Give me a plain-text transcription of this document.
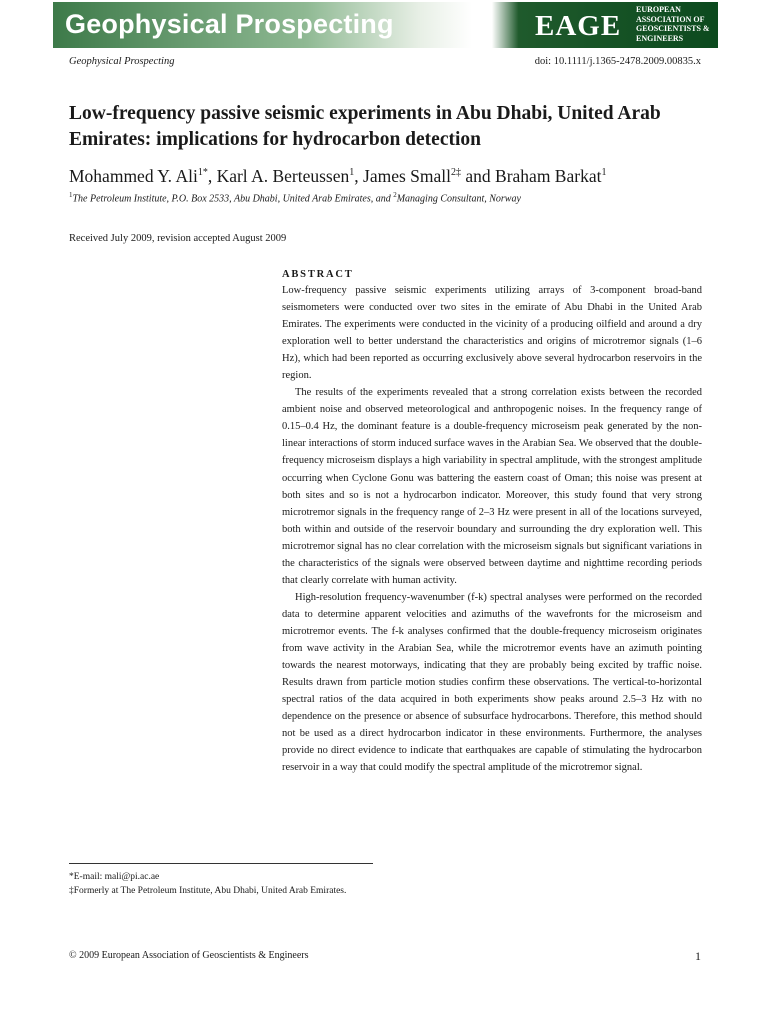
Geophysical Prospecting	EAGE
EUROPEAN
ASSOCIATION OF
GEOSCIENTISTS &
ENGINEERS
Geophysical Prospecting	doi: 10.1111/j.1365-2478.2009.00835.x
Low-frequency passive seismic experiments in Abu Dhabi, United Arab Emirates: implications for hydrocarbon detection
Mohammed Y. Ali$^{1*}$, Karl A. Berteussen$^1$, James Small$^{2\ddagger}$ and Braham Barkat$^1$
$^1$The Petroleum Institute, P.O. Box 2533, Abu Dhabi, United Arab Emirates, and $^2$Managing Consultant, Norway
Received July 2009, revision accepted August 2009
ABSTRACT

Low-frequency passive seismic experiments utilizing arrays of 3-component broad-band seismometers were conducted over two sites in the emirate of Abu Dhabi in the United Arab Emirates. The experiments were conducted in the vicinity of a producing oilfield and around a dry exploration well to better understand the characteristics and origins of microtremor signals (1–6 Hz), which had been reported as occurring exclusively above several hydrocarbon reservoirs in the region.

The results of the experiments revealed that a strong correlation exists between the recorded ambient noise and observed meteorological and anthropogenic noises. In the frequency range of 0.15–0.4 Hz, the dominant feature is a double-frequency microseism peak generated by the non-linear interactions of storm induced surface waves in the Arabian Sea. We observed that the double-frequency microseism displays a high variability in spectral amplitude, with the strongest amplitude occurring when Cyclone Gonu was battering the eastern coast of Oman; this noise was present at both sites and so is not a hydrocarbon indicator. Moreover, this study found that very strong microtremor signals in the frequency range of 2–3 Hz were present in all of the locations surveyed, both within and outside of the reservoir boundary and surrounding the dry exploration well. This microtremor signal has no clear correlation with the microseism signals but significant variations in the characteristics of the signals were observed between daytime and nighttime recording periods that clearly correlate with human activity.

High-resolution frequency-wavenumber (f-k) spectral analyses were performed on the recorded data to determine apparent velocities and azimuths of the wavefronts for the microseism and microtremor events. The f-k analyses confirmed that the double-frequency microseism originates from wave activity in the Arabian Sea, while the microtremor events have an azimuth pointing towards the nearest motorways, indicating that they are probably being excited by traffic noise. Results drawn from particle motion studies confirm these observations. The vertical-to-horizontal spectral ratios of the data acquired in both experiments show peaks around 2.5–3 Hz with no dependence on the presence or absence of subsurface hydrocarbons. Therefore, this method should not be used as a direct hydrocarbon indicator in these environments. Furthermore, the analyses provide no direct evidence to indicate that earthquakes are capable of stimulating the hydrocarbon reservoir in a way that could modify the spectral amplitude of the microtremor signal.

*E-mail: mali@pi.ac.ae

‡Formerly at The Petroleum Institute, Abu Dhabi, United Arab Emirates.

© 2009 European Association of Geoscientists & Engineers	1
